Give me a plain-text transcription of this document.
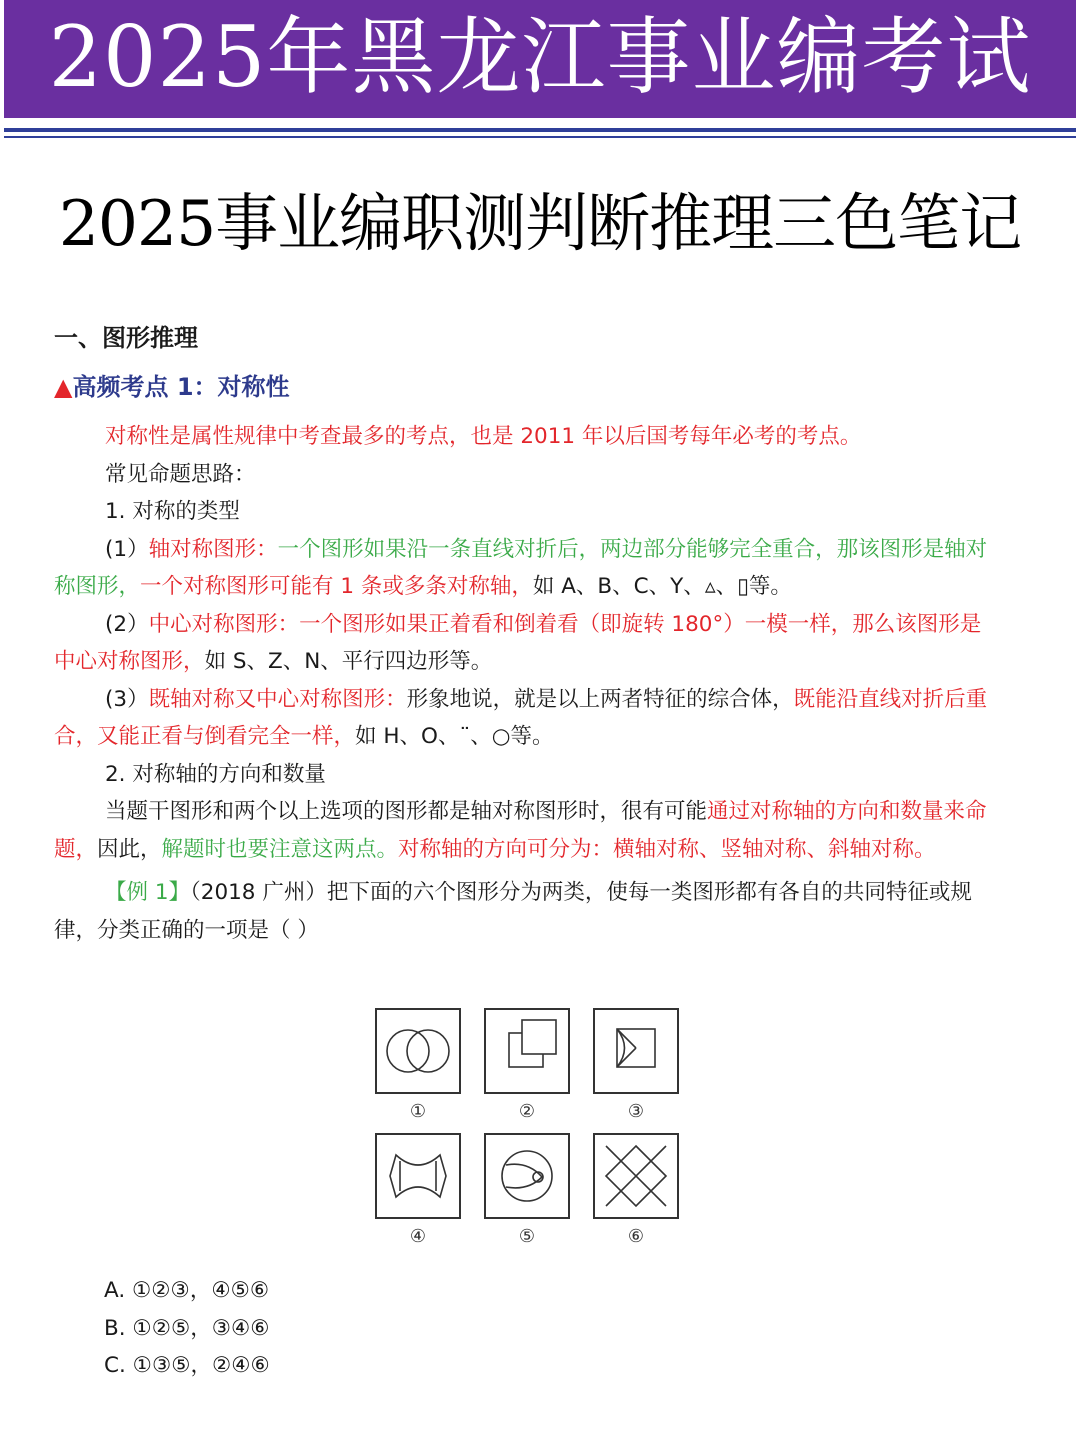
2025年黑龙江事业编考试
2025事业编职测判断推理三色笔记
一、图形推理
▲高频考点 1：对称性

对称性是属性规律中考查最多的考点，也是 2011 年以后国考每年必考的考点。

常见命题思路：

1. 对称的类型

(1）轴对称图形：一个图形如果沿一条直线对折后，两边部分能够完全重合，那该图形是轴对称图形，一个对称图形可能有 1 条或多条对称轴，如 A、B、C、Y、▵、▯等。

(2）中心对称图形：一个图形如果正着看和倒着看（即旋转 180°）一模一样，那么该图形是中心对称图形，如 S、Z、N、平行四边形等。

(3）既轴对称又中心对称图形：形象地说，就是以上两者特征的综合体，既能沿直线对折后重合，又能正看与倒看完全一样，如 H、O、¨、○等。

2. 对称轴的方向和数量

当题干图形和两个以上选项的图形都是轴对称图形时，很有可能通过对称轴的方向和数量来命题，因此，解题时也要注意这两点。对称轴的方向可分为：横轴对称、竖轴对称、斜轴对称。

【例 1】（2018 广州）把下面的六个图形分为两类，使每一类图形都有各自的共同特征或规律，分类正确的一项是（ ）

①	②	③
④	⑤	⑥

A. ①②③，④⑤⑥

B. ①②⑤，③④⑥

C. ①③⑤，②④⑥
